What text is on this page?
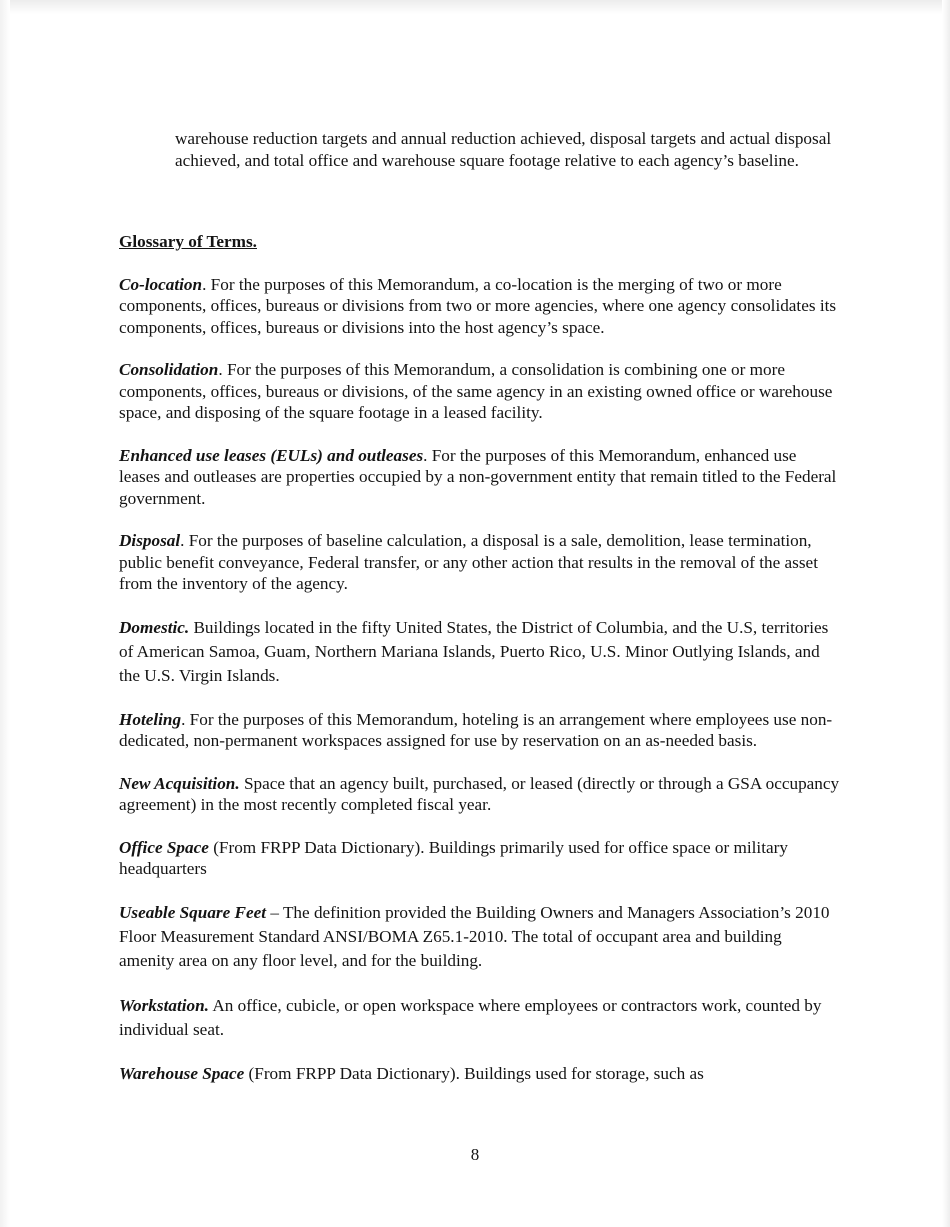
warehouse reduction targets and annual reduction achieved, disposal targets and actual disposal achieved, and total office and warehouse square footage relative to each agency’s baseline.

Glossary of Terms.

Co-location. For the purposes of this Memorandum, a co-location is the merging of two or more components, offices, bureaus or divisions from two or more agencies, where one agency consolidates its components, offices, bureaus or divisions into the host agency’s space.

Consolidation. For the purposes of this Memorandum, a consolidation is combining one or more components, offices, bureaus or divisions, of the same agency in an existing owned office or warehouse space, and disposing of the square footage in a leased facility.

Enhanced use leases (EULs) and outleases. For the purposes of this Memorandum, enhanced use leases and outleases are properties occupied by a non-government entity that remain titled to the Federal government.

Disposal. For the purposes of baseline calculation, a disposal is a sale, demolition, lease termination, public benefit conveyance, Federal transfer, or any other action that results in the removal of the asset from the inventory of the agency.

Domestic. Buildings located in the fifty United States, the District of Columbia, and the U.S, territories of American Samoa, Guam, Northern Mariana Islands, Puerto Rico, U.S. Minor Outlying Islands, and the U.S. Virgin Islands.

Hoteling. For the purposes of this Memorandum, hoteling is an arrangement where employees use non-dedicated, non-permanent workspaces assigned for use by reservation on an as-needed basis.

New Acquisition. Space that an agency built, purchased, or leased (directly or through a GSA occupancy agreement) in the most recently completed fiscal year.

Office Space (From FRPP Data Dictionary). Buildings primarily used for office space or military headquarters

Useable Square Feet – The definition provided the Building Owners and Managers Association’s 2010 Floor Measurement Standard ANSI/BOMA Z65.1-2010. The total of occupant area and building amenity area on any floor level, and for the building.

Workstation. An office, cubicle, or open workspace where employees or contractors work, counted by individual seat.

Warehouse Space (From FRPP Data Dictionary). Buildings used for storage, such as

8
